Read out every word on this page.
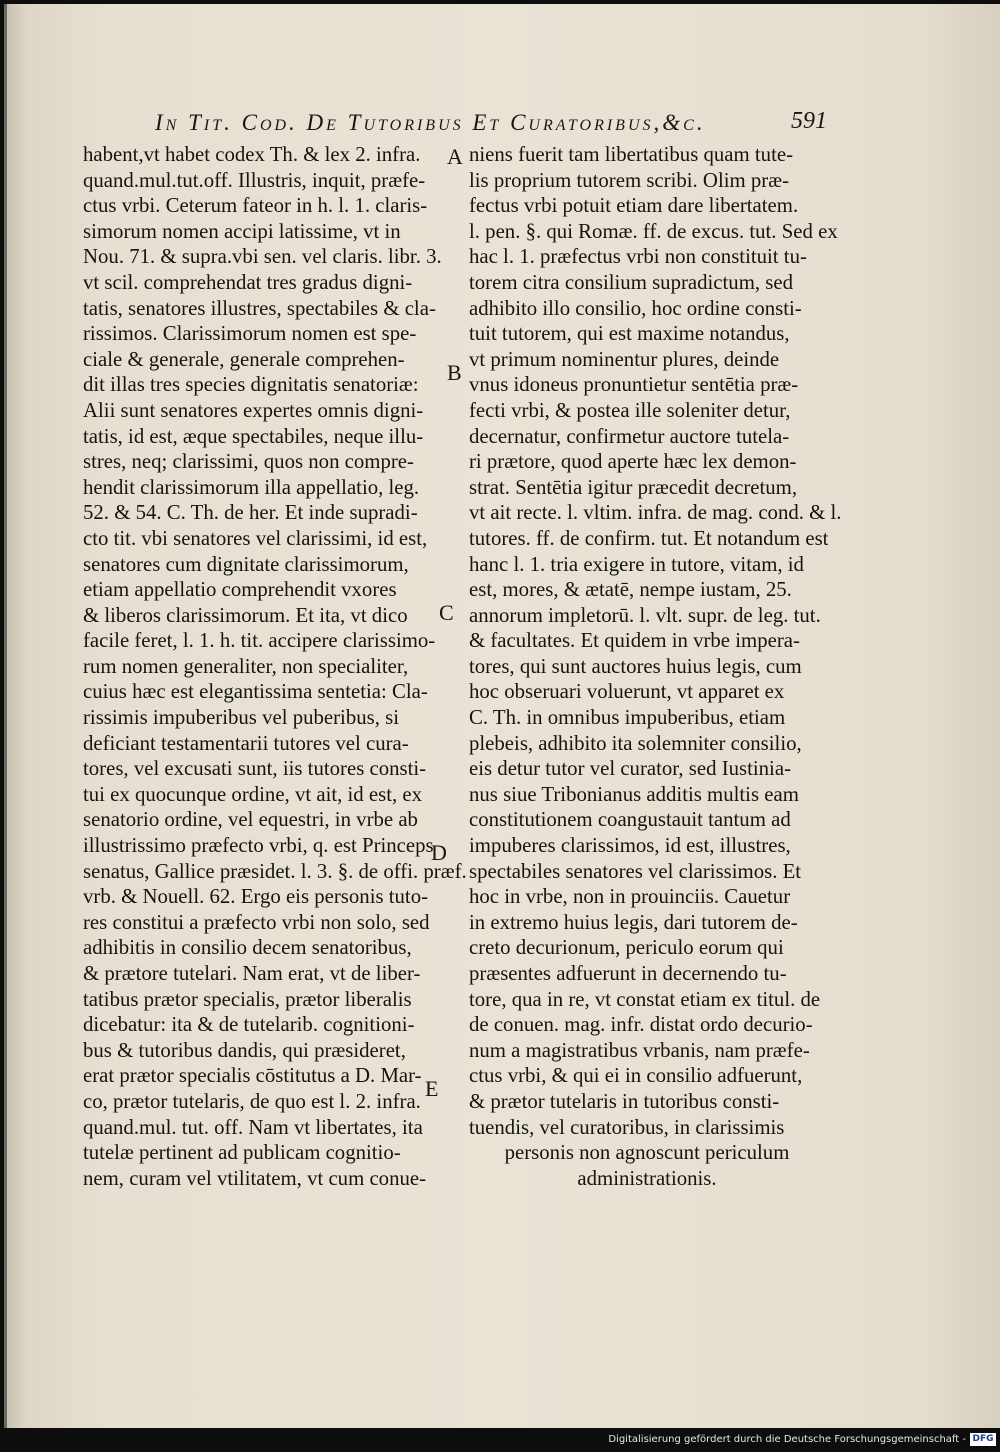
In Tit. Cod. De Tutoribus Et Curatoribus,&c.	591
habent,vt habet codex Th. & lex 2. infra.
quand.mul.tut.off. Illustris, inquit, præfe-
ctus vrbi. Ceterum fateor in h. l. 1. claris-
simorum nomen accipi latissime, vt in
Nou. 71. & supra.vbi sen. vel claris. libr. 3.
vt scil. comprehendat tres gradus digni-
tatis, senatores illustres, spectabiles & cla-
rissimos. Clarissimorum nomen est spe-
ciale & generale, generale comprehen-
dit illas tres species dignitatis senatoriæ:
Alii sunt senatores expertes omnis digni-
tatis, id est, æque spectabiles, neque illu-
stres, neq; clarissimi, quos non compre-
hendit clarissimorum illa appellatio, leg.
52. & 54. C. Th. de her. Et inde supradi-
cto tit. vbi senatores vel clarissimi, id est,
senatores cum dignitate clarissimorum,
etiam appellatio comprehendit vxores
& liberos clarissimorum. Et ita, vt dico
facile feret, l. 1. h. tit. accipere clarissimo-
rum nomen generaliter, non specialiter,
cuius hæc est elegantissima sentetia: Cla-
rissimis impuberibus vel puberibus, si
deficiant testamentarii tutores vel cura-
tores, vel excusati sunt, iis tutores consti-
tui ex quocunque ordine, vt ait, id est, ex
senatorio ordine, vel equestri, in vrbe ab
illustrissimo præfecto vrbi, q. est Princeps
senatus, Gallice præsidet. l. 3. §. de offi. præf.
vrb. & Nouell. 62. Ergo eis personis tuto-
res constitui a præfecto vrbi non solo, sed
adhibitis in consilio decem senatoribus,
& prætore tutelari. Nam erat, vt de liber-
tatibus prætor specialis, prætor liberalis
dicebatur: ita & de tutelarib. cognitioni-
bus & tutoribus dandis, qui præsideret,
erat prætor specialis cōstitutus a D. Mar-
co, prætor tutelaris, de quo est l. 2. infra.
quand.mul. tut. off. Nam vt libertates, ita
tutelæ pertinent ad publicam cognitio-
nem, curam vel vtilitatem, vt cum conue-
niens fuerit tam libertatibus quam tute-
lis proprium tutorem scribi. Olim præ-
fectus vrbi potuit etiam dare libertatem.
l. pen. §. qui Romæ. ff. de excus. tut. Sed ex
hac l. 1. præfectus vrbi non constituit tu-
torem citra consilium supradictum, sed
adhibito illo consilio, hoc ordine consti-
tuit tutorem, qui est maxime notandus,
vt primum nominentur plures, deinde
vnus idoneus pronuntietur sentētia præ-
fecti vrbi, & postea ille soleniter detur,
decernatur, confirmetur auctore tutela-
ri prætore, quod aperte hæc lex demon-
strat. Sentētia igitur præcedit decretum,
vt ait recte. l. vltim. infra. de mag. cond. & l.
tutores. ff. de confirm. tut. Et notandum est
hanc l. 1. tria exigere in tutore, vitam, id
est, mores, & ætatē, nempe iustam, 25.
annorum impletorū. l. vlt. supr. de leg. tut.
& facultates. Et quidem in vrbe impera-
tores, qui sunt auctores huius legis, cum
hoc obseruari voluerunt, vt apparet ex
C. Th. in omnibus impuberibus, etiam
plebeis, adhibito ita solemniter consilio,
eis detur tutor vel curator, sed Iustinia-
nus siue Tribonianus additis multis eam
constitutionem coangustauit tantum ad
impuberes clarissimos, id est, illustres,
spectabiles senatores vel clarissimos. Et
hoc in vrbe, non in prouinciis. Cauetur
in extremo huius legis, dari tutorem de-
creto decurionum, periculo eorum qui
præsentes adfuerunt in decernendo tu-
tore, qua in re, vt constat etiam ex titul. de
de conuen. mag. infr. distat ordo decurio-
num a magistratibus vrbanis, nam præfe-
ctus vrbi, & qui ei in consilio adfuerunt,
& prætor tutelaris in tutoribus consti-
tuendis, vel curatoribus, in clarissimis
personis non agnoscunt periculum
administrationis.
A
B
C
D
E
Digitalisierung gefördert durch die Deutsche Forschungsgemeinschaft - DFG
